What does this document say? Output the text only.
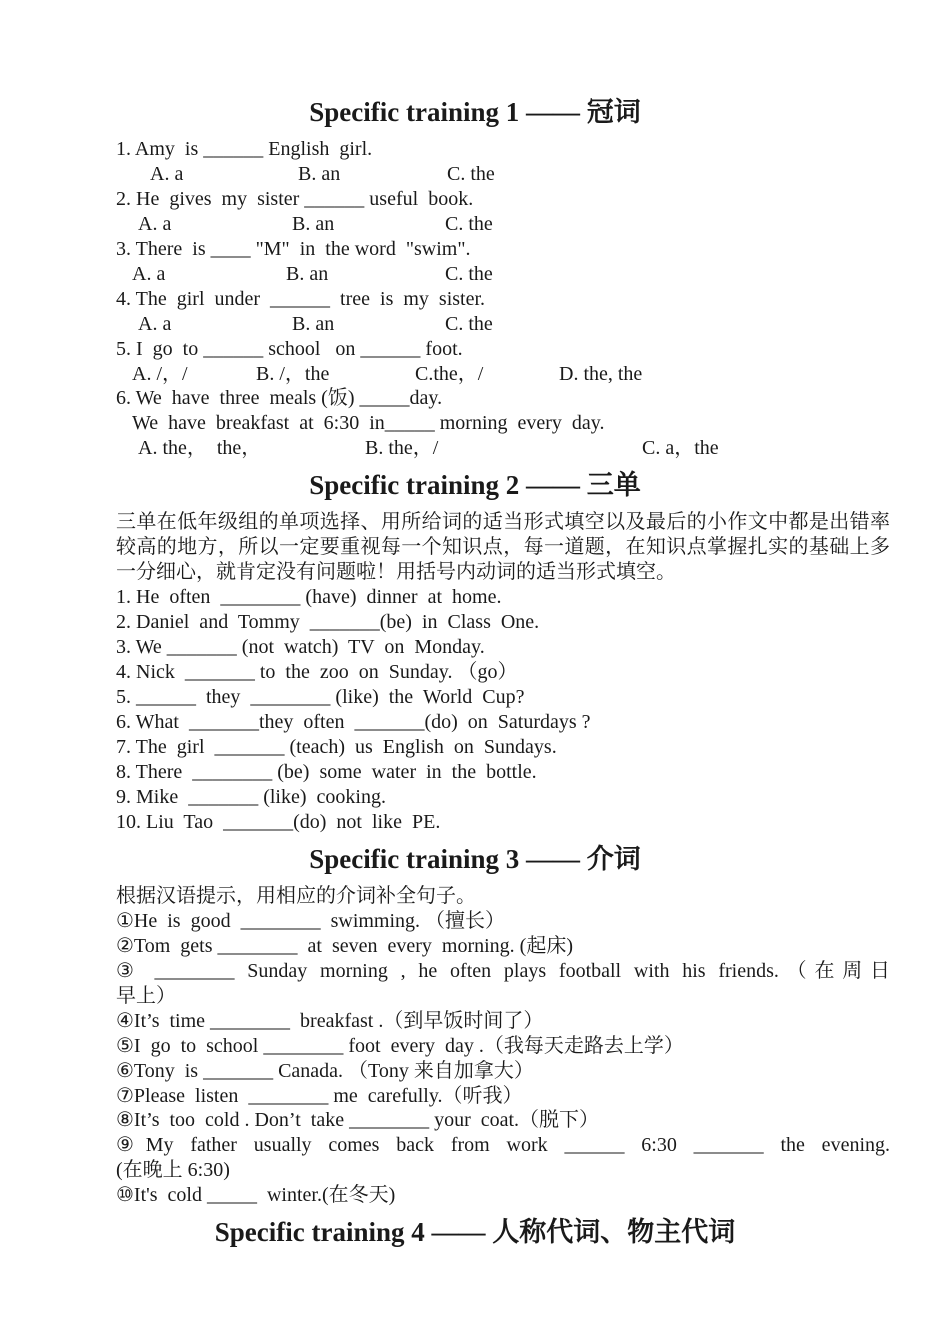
Specific training 1 —— 冠词
1. Amy  is ______ English  girl.
A. a	B. an	C. the
2. He  gives  my  sister ______ useful  book.
A. a	B. an	C. the
3. There  is ____ "M"  in  the word  "swim".
A. a	B. an	C. the
4. The  girl  under  ______  tree  is  my  sister.
A. a	B. an	C. the
5. I  go  to ______ school   on ______ foot.
A. /，/	B. /，the	C.the，/	D. the, the
6. We  have  three  meals (饭) _____day.
We  have  breakfast  at  6:30  in_____ morning  every  day.
A. the，  the，	B. the，/	C. a，the
Specific training 2 —— 三单
三单在低年级组的单项选择、用所给词的适当形式填空以及最后的小作文中都是出错率较高的地方，所以一定要重视每一个知识点，每一道题，在知识点掌握扎实的基础上多一分细心，就肯定没有问题啦！用括号内动词的适当形式填空。
1. He  often  ________ (have)  dinner  at  home.
2. Daniel  and  Tommy  _______(be)  in  Class  One.
3. We _______ (not  watch)  TV  on  Monday.
4. Nick  _______ to  the  zoo  on  Sunday. （go）
5. ______  they  ________ (like)  the  World  Cup?
6. What  _______they  often  _______(do)  on  Saturdays ?
7. The  girl  _______ (teach)  us  English  on  Sundays.
8. There  ________ (be)  some  water  in  the  bottle.
9. Mike  _______ (like)  cooking.
10. Liu  Tao  _______(do)  not  like  PE.
Specific training 3 —— 介词
根据汉语提示，用相应的介词补全句子。
①He  is  good  ________  swimming. （擅长）
②Tom  gets ________  at  seven  every  morning. (起床)
③ ________ Sunday morning , he often plays football with his friends.（在周日
早上）
④It’s  time ________  breakfast .（到早饭时间了）
⑤I  go  to  school ________ foot  every  day .（我每天走路去上学）
⑥Tony  is _______ Canada. （Tony 来自加拿大）
⑦Please  listen  ________ me  carefully.（听我）
⑧It’s  too  cold . Don’t  take ________ your  coat.（脱下）
⑨My father usually comes back from work ______ 6:30 _______ the evening.
(在晚上 6:30)
⑩It's  cold _____  winter.(在冬天)
Specific training 4 —— 人称代词、物主代词
